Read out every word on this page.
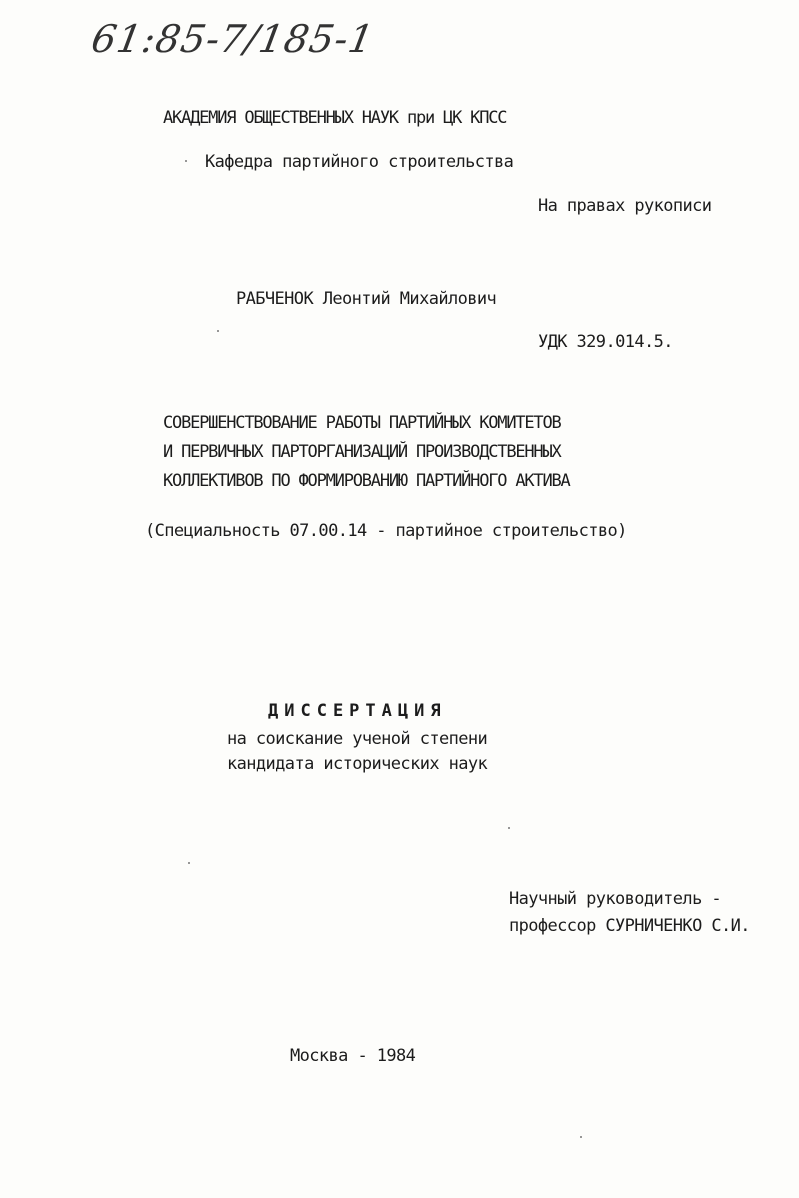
61:85-7/185-1
АКАДЕМИЯ ОБЩЕСТВЕННЫХ НАУК при ЦК КПСС
Кафедра партийного строительства
На правах рукописи
РАБЧЕНОК Леонтий Михайлович
УДК 329.014.5.
СОВЕРШЕНСТВОВАНИЕ РАБОТЫ ПАРТИЙНЫХ КОМИТЕТОВ
И ПЕРВИЧНЫХ ПАРТОРГАНИЗАЦИЙ ПРОИЗВОДСТВЕННЫХ
КОЛЛЕКТИВОВ ПО ФОРМИРОВАНИЮ ПАРТИЙНОГО АКТИВА
(Специальность 07.00.14 - партийное строительство)
ДИССЕРТАЦИЯ
на соискание ученой степени
кандидата исторических наук
Научный руководитель -
профессор СУРНИЧЕНКО С.И.
Москва - 1984
